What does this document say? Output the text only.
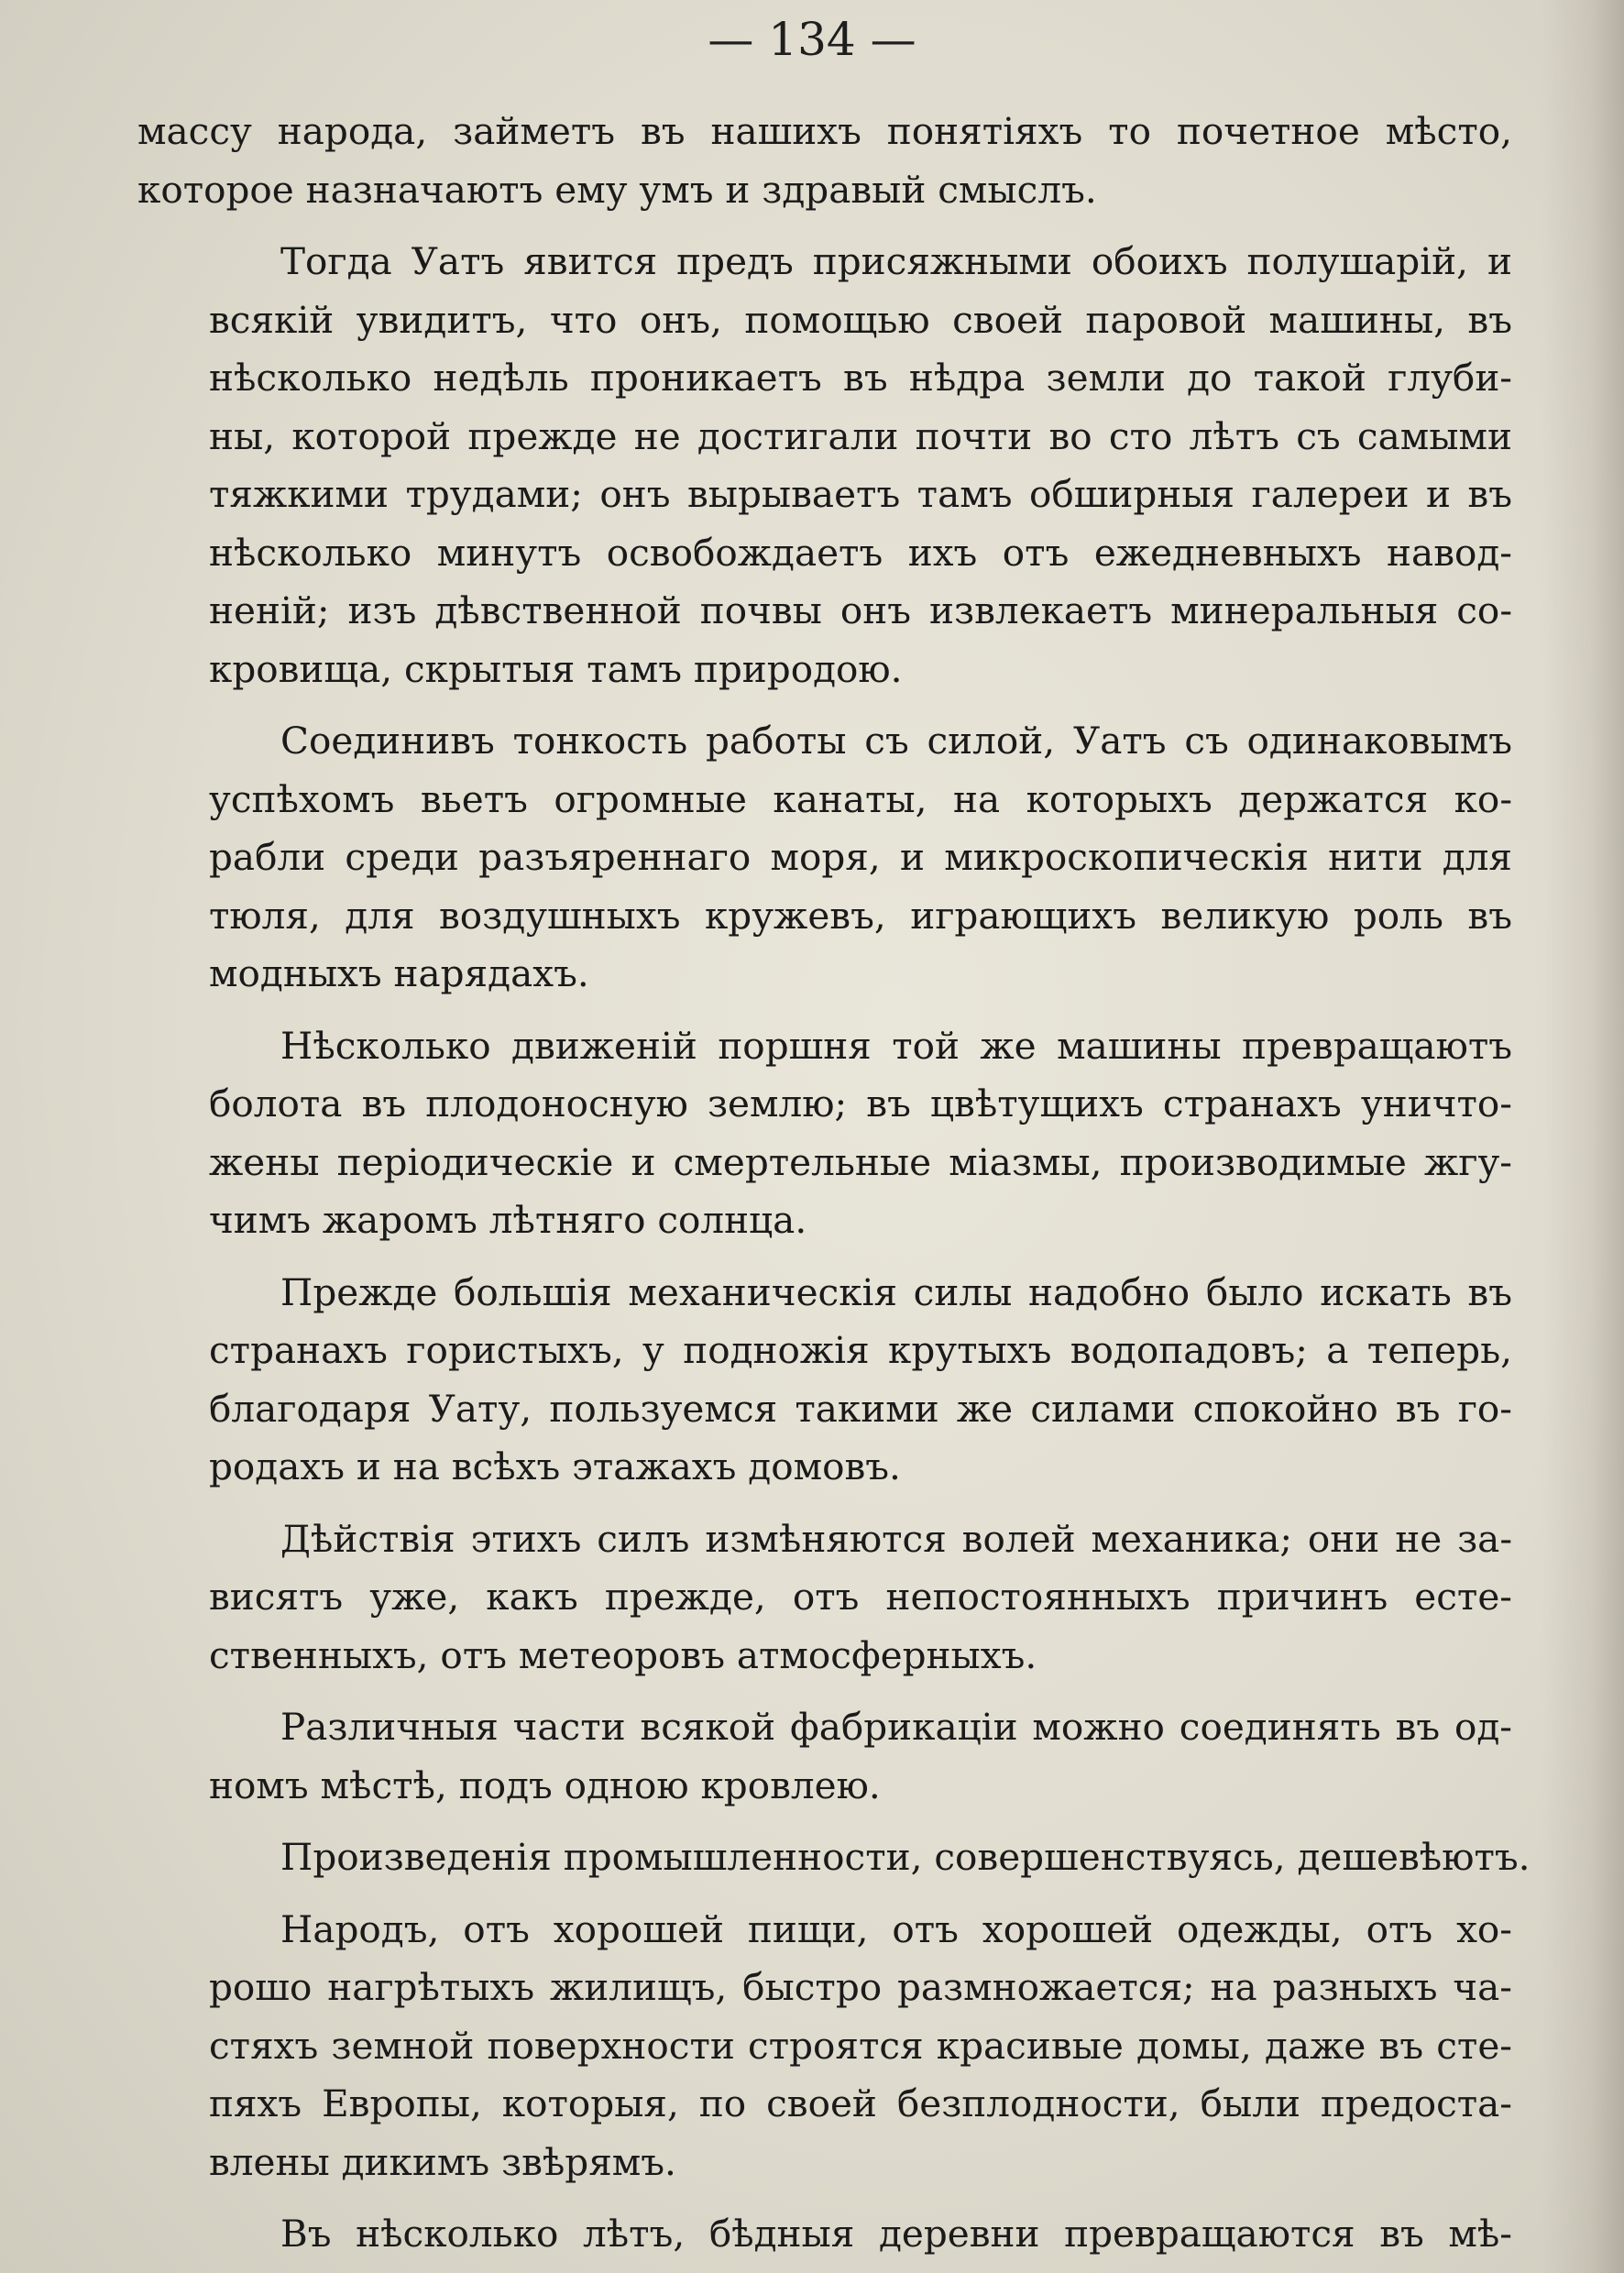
— 134 —

массу народа, займетъ въ нашихъ понятіяхъ то почетное мѣсто,
которое назначаютъ ему умъ и здравый смыслъ.
Тогда Уатъ явится предъ присяжными обоихъ полушарій, и
всякій увидитъ, что онъ, помощью своей паровой машины, въ
нѣсколько недѣль проникаетъ въ нѣдра земли до такой глуби-
ны, которой прежде не достигали почти во сто лѣтъ съ самыми
тяжкими трудами; онъ вырываетъ тамъ обширныя галереи и въ
нѣсколько минутъ освобождаетъ ихъ отъ ежедневныхъ навод-
неній; изъ дѣвственной почвы онъ извлекаетъ минеральныя со-
кровища, скрытыя тамъ природою.
Соединивъ тонкость работы съ силой, Уатъ съ одинаковымъ
успѣхомъ вьетъ огромные канаты, на которыхъ держатся ко-
рабли среди разъяреннаго моря, и микроскопическія нити для
тюля, для воздушныхъ кружевъ, играющихъ великую роль въ
модныхъ нарядахъ.
Нѣсколько движеній поршня той же машины превращаютъ
болота въ плодоносную землю; въ цвѣтущихъ странахъ уничто-
жены періодическіе и смертельные міазмы, производимые жгу-
чимъ жаромъ лѣтняго солнца.
Прежде большія механическія силы надобно было искать въ
странахъ гористыхъ, у подножія крутыхъ водопадовъ; а теперь,
благодаря Уату, пользуемся такими же силами спокойно въ го-
родахъ и на всѣхъ этажахъ домовъ.
Дѣйствія этихъ силъ измѣняются волей механика; они не за-
висятъ уже, какъ прежде, отъ непостоянныхъ причинъ есте-
ственныхъ, отъ метеоровъ атмосферныхъ.
Различныя части всякой фабрикаціи можно соединять въ од-
номъ мѣстѣ, подъ одною кровлею.
Произведенія промышленности, совершенствуясь, дешевѣютъ.
Народъ, отъ хорошей пищи, отъ хорошей одежды, отъ хо-
рошо нагрѣтыхъ жилищъ, быстро размножается; на разныхъ ча-
стяхъ земной поверхности строятся красивые домы, даже въ сте-
пяхъ Европы, которыя, по своей безплодности, были предоста-
влены дикимъ звѣрямъ.
Въ нѣсколько лѣтъ, бѣдныя деревни превращаются въ мѣ-
